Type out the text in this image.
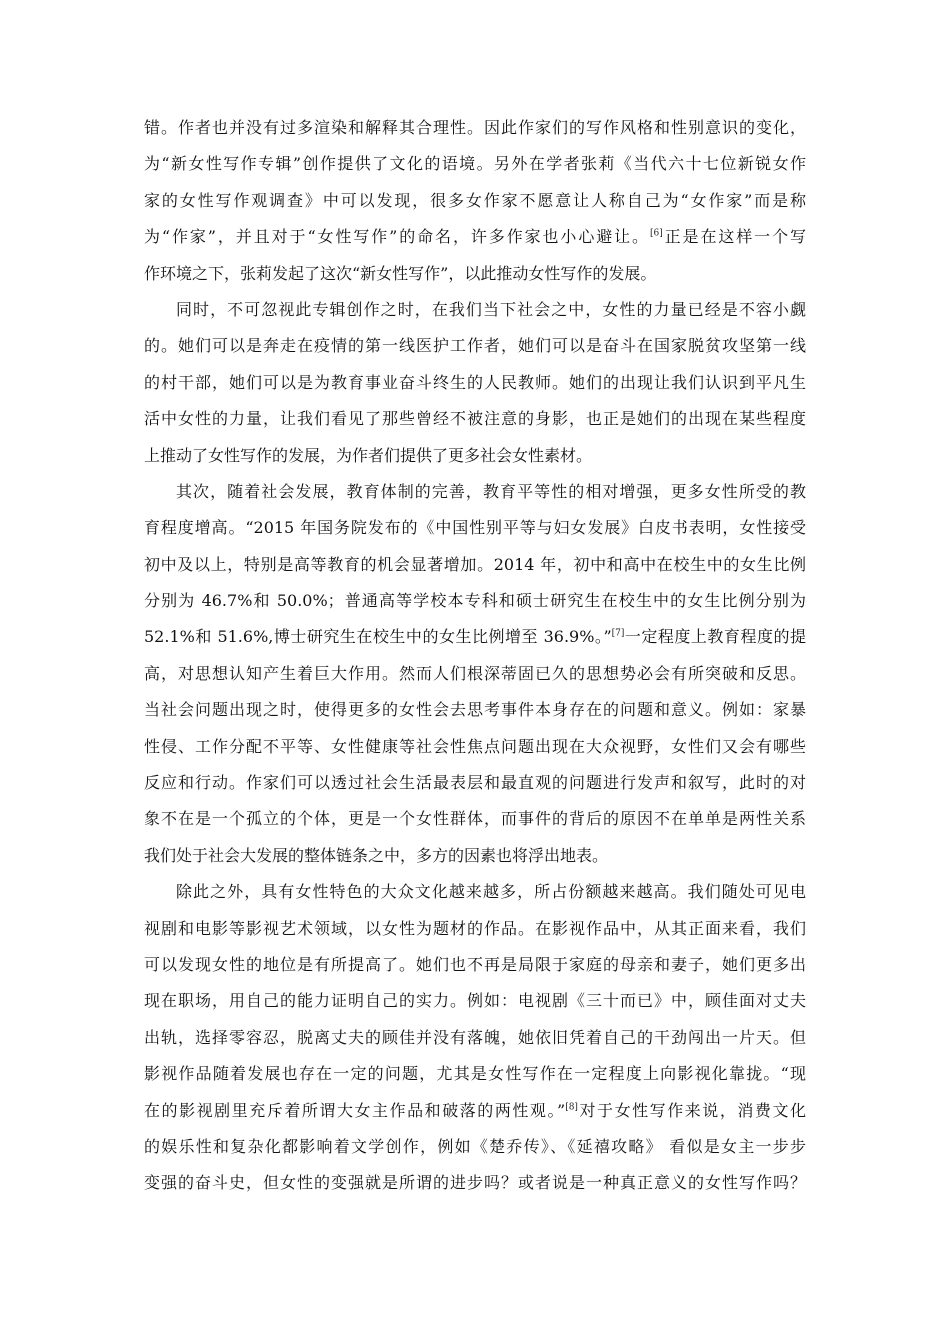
错。作者也并没有过多渲染和解释其合理性。因此作家们的写作风格和性别意识的变化，
为“新女性写作专辑”创作提供了文化的语境。另外在学者张莉《当代六十七位新锐女作
家的女性写作观调查》中可以发现，很多女作家不愿意让人称自己为“女作家”而是称
为“作家”，并且对于“女性写作”的命名，许多作家也小心避让。[6]正是在这样一个写
作环境之下，张莉发起了这次“新女性写作”，以此推动女性写作的发展。
同时，不可忽视此专辑创作之时，在我们当下社会之中，女性的力量已经是不容小觑
的。她们可以是奔走在疫情的第一线医护工作者，她们可以是奋斗在国家脱贫攻坚第一线
的村干部，她们可以是为教育事业奋斗终生的人民教师。她们的出现让我们认识到平凡生
活中女性的力量，让我们看见了那些曾经不被注意的身影，也正是她们的出现在某些程度
上推动了女性写作的发展，为作者们提供了更多社会女性素材。
其次，随着社会发展，教育体制的完善，教育平等性的相对增强，更多女性所受的教
育程度增高。“2015 年国务院发布的《中国性别平等与妇女发展》白皮书表明，女性接受
初中及以上，特别是高等教育的机会显著增加。2014 年，初中和高中在校生中的女生比例
分别为 46.7%和 50.0%；普通高等学校本专科和硕士研究生在校生中的女生比例分别为
52.1%和 51.6%,博士研究生在校生中的女生比例增至 36.9%。”[7]一定程度上教育程度的提
高，对思想认知产生着巨大作用。然而人们根深蒂固已久的思想势必会有所突破和反思。
当社会问题出现之时，使得更多的女性会去思考事件本身存在的问题和意义。例如：家暴
性侵、工作分配不平等、女性健康等社会性焦点问题出现在大众视野，女性们又会有哪些
反应和行动。作家们可以透过社会生活最表层和最直观的问题进行发声和叙写，此时的对
象不在是一个孤立的个体，更是一个女性群体，而事件的背后的原因不在单单是两性关系
我们处于社会大发展的整体链条之中，多方的因素也将浮出地表。
除此之外，具有女性特色的大众文化越来越多，所占份额越来越高。我们随处可见电
视剧和电影等影视艺术领域，以女性为题材的作品。在影视作品中，从其正面来看，我们
可以发现女性的地位是有所提高了。她们也不再是局限于家庭的母亲和妻子，她们更多出
现在职场，用自己的能力证明自己的实力。例如：电视剧《三十而已》中，顾佳面对丈夫
出轨，选择零容忍，脱离丈夫的顾佳并没有落魄，她依旧凭着自己的干劲闯出一片天。但
影视作品随着发展也存在一定的问题，尤其是女性写作在一定程度上向影视化靠拢。“现
在的影视剧里充斥着所谓大女主作品和破落的两性观。”[8]对于女性写作来说，消费文化
的娱乐性和复杂化都影响着文学创作，例如《楚乔传》、《延禧攻略》 看似是女主一步步
变强的奋斗史，但女性的变强就是所谓的进步吗？或者说是一种真正意义的女性写作吗？
